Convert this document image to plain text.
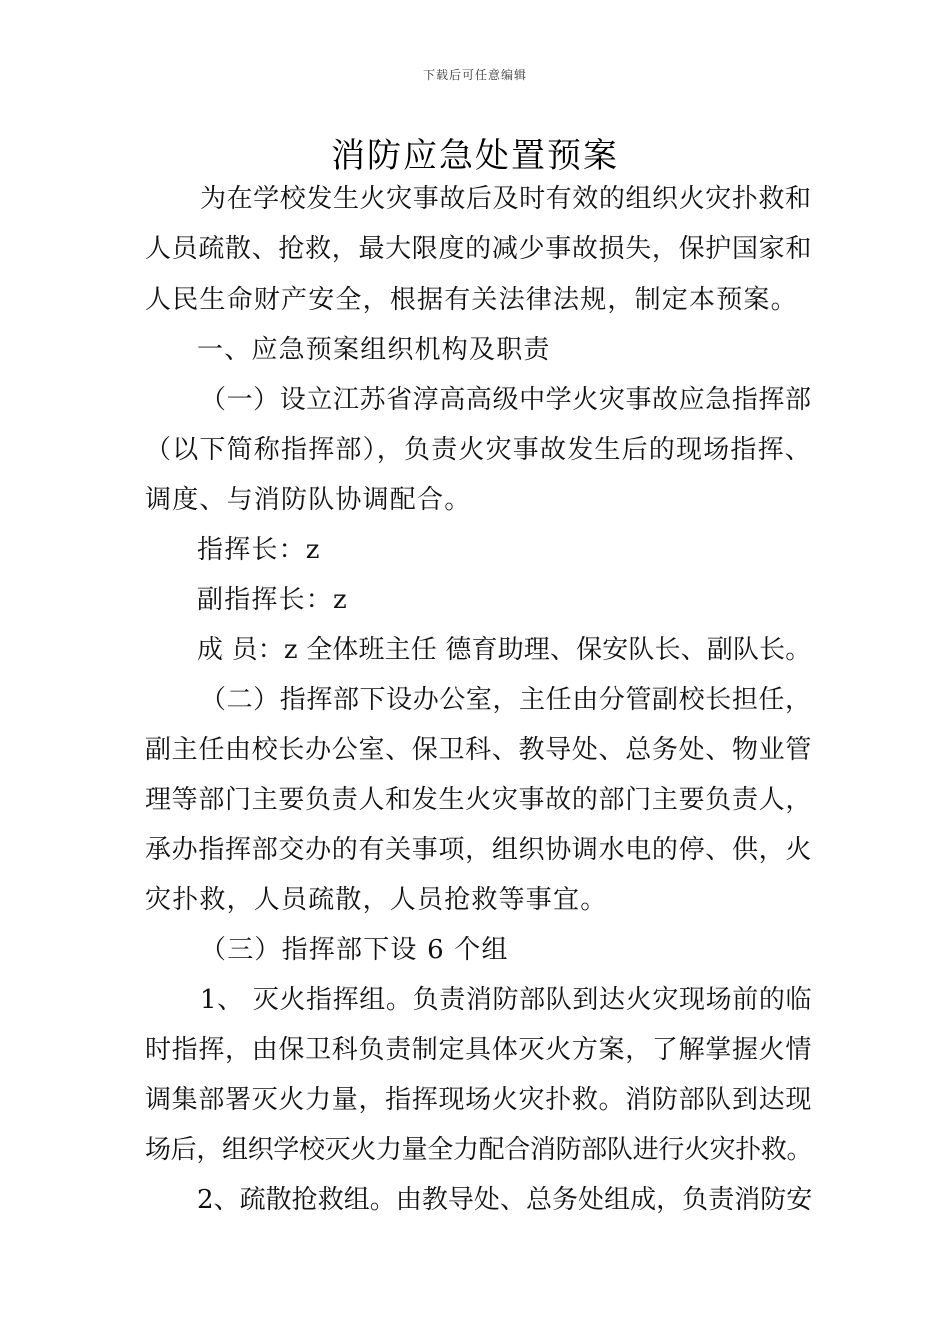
下载后可任意编辑
消防应急处置预案
为在学校发生火灾事故后及时有效的组织火灾扑救和
人员疏散、抢救，最大限度的减少事故损失，保护国家和
人民生命财产安全，根据有关法律法规，制定本预案。
一、应急预案组织机构及职责
（一）设立江苏省淳高高级中学火灾事故应急指挥部
（以下简称指挥部），负责火灾事故发生后的现场指挥、
调度、与消防队协调配合。
指挥长：z
副指挥长：z
成 员：z 全体班主任 德育助理、保安队长、副队长。
（二）指挥部下设办公室，主任由分管副校长担任，
副主任由校长办公室、保卫科、教导处、总务处、物业管
理等部门主要负责人和发生火灾事故的部门主要负责人，
承办指挥部交办的有关事项，组织协调水电的停、供，火
灾扑救，人员疏散，人员抢救等事宜。
（三）指挥部下设 6 个组
1、 灭火指挥组。负责消防部队到达火灾现场前的临
时指挥，由保卫科负责制定具体灭火方案，了解掌握火情
调集部署灭火力量，指挥现场火灾扑救。消防部队到达现
场后，组织学校灭火力量全力配合消防部队进行火灾扑救。
2、疏散抢救组。由教导处、总务处组成，负责消防安
